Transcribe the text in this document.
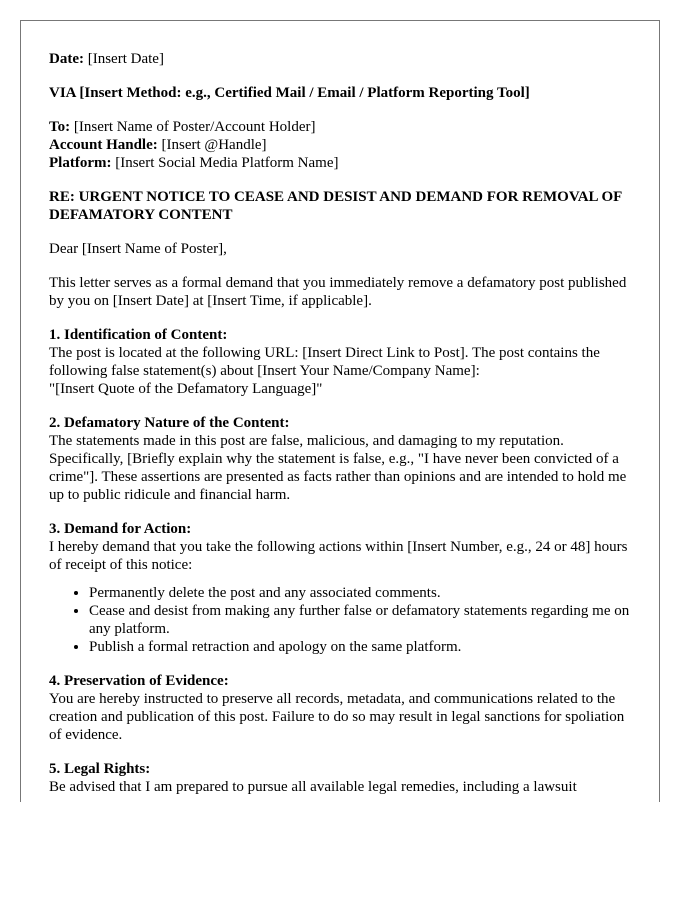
Date: [Insert Date]

VIA [Insert Method: e.g., Certified Mail / Email / Platform Reporting Tool]

To: [Insert Name of Poster/Account Holder]

Account Handle: [Insert @Handle]

Platform: [Insert Social Media Platform Name]

RE: URGENT NOTICE TO CEASE AND DESIST AND DEMAND FOR REMOVAL OF DEFAMATORY CONTENT

Dear [Insert Name of Poster],

This letter serves as a formal demand that you immediately remove a defamatory post published by you on [Insert Date] at [Insert Time, if applicable].

1. Identification of Content:

The post is located at the following URL: [Insert Direct Link to Post]. The post contains the following false statement(s) about [Insert Your Name/Company Name]:

"[Insert Quote of the Defamatory Language]"

2. Defamatory Nature of the Content:

The statements made in this post are false, malicious, and damaging to my reputation. Specifically, [Briefly explain why the statement is false, e.g., "I have never been convicted of a crime"]. These assertions are presented as facts rather than opinions and are intended to hold me up to public ridicule and financial harm.

3. Demand for Action:

I hereby demand that you take the following actions within [Insert Number, e.g., 24 or 48] hours of receipt of this notice:

• Permanently delete the post and any associated comments.
• Cease and desist from making any further false or defamatory statements regarding me on any platform.
• Publish a formal retraction and apology on the same platform.

4. Preservation of Evidence:

You are hereby instructed to preserve all records, metadata, and communications related to the creation and publication of this post. Failure to do so may result in legal sanctions for spoliation of evidence.

5. Legal Rights:

Be advised that I am prepared to pursue all available legal remedies, including a lawsuit
